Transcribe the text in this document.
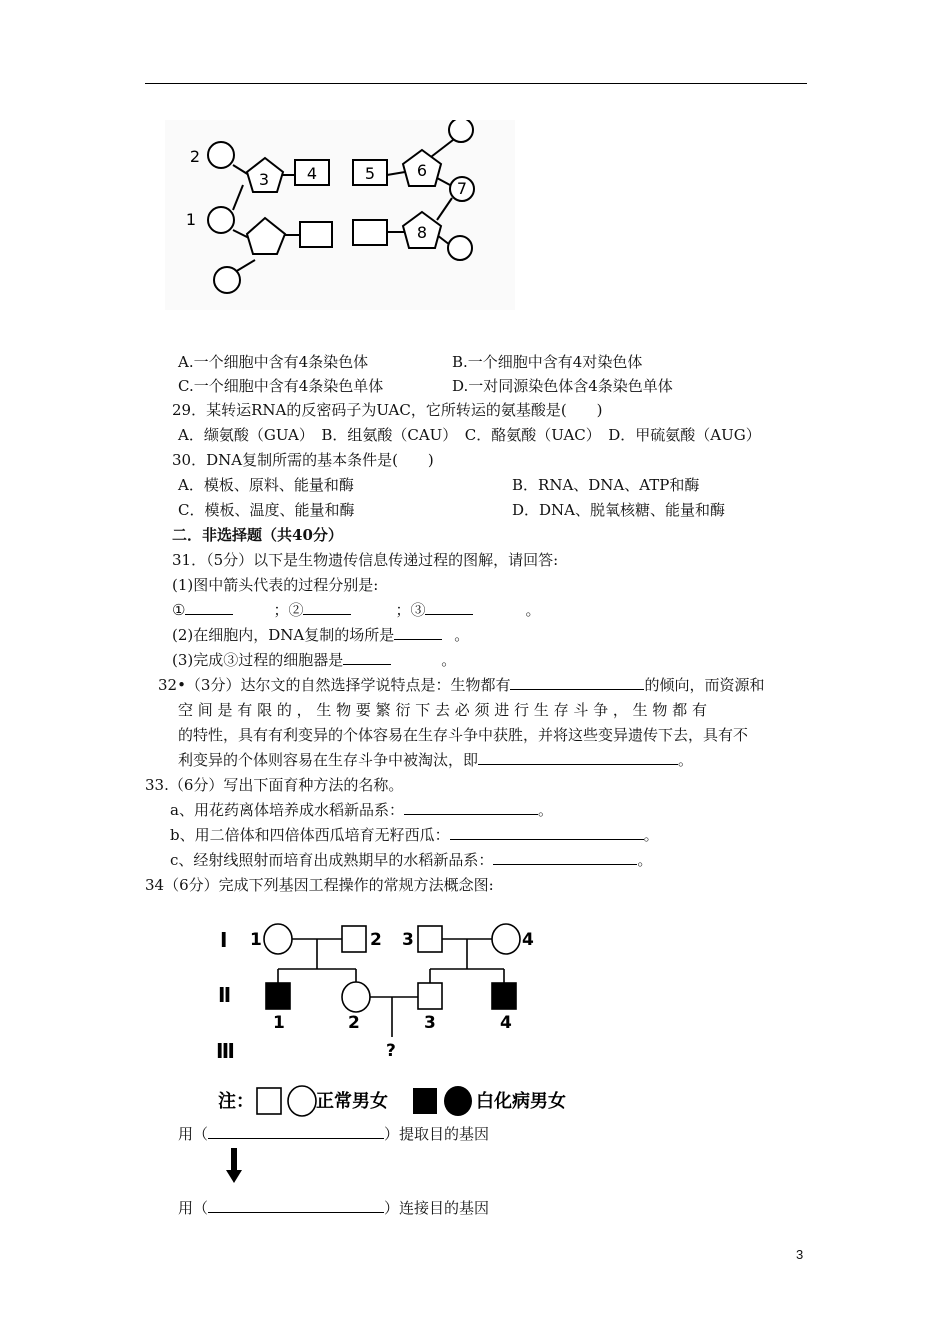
2
1
3 4	5	6
7
8
A.一个细胞中含有4条染色体	B.一个细胞中含有4对染色体
C.一个细胞中含有4条染色单体	D.一对同源染色体含4条染色单体
29．某转运RNA的反密码子为UAC，它所转运的氨基酸是(　　)
A．缬氨酸（GUA）　B．组氨酸（CAU）　C．酪氨酸（UAC）　D．甲硫氨酸（AUG）
30．DNA复制所需的基本条件是(　　)
A．模板、原料、能量和酶	B．RNA、DNA、ATP和酶
C．模板、温度、能量和酶	D．DNA、脱氧核糖、能量和酶
二．非选择题（共40分）
31．（5分）以下是生物遗传信息传递过程的图解，请回答:
(1)图中箭头代表的过程分别是:
①	；②	；③	。
(2)在细胞内，DNA复制的场所是	。
(3)完成③过程的细胞器是	。
32•（3分）达尔文的自然选择学说特点是：生物都有	的倾向，而资源和
空 间 是 有 限 的 ， 生 物 要 繁 衍 下 去 必 须 进 行 生 存 斗 争 ， 生 物 都 有
的特性，具有有利变异的个体容易在生存斗争中获胜，并将这些变异遗传下去，具有不
利变异的个体则容易在生存斗争中被淘汰，即	。
33.（6分）写出下面育种方法的名称。
a、用花药离体培养成水稻新品系：	。
b、用二倍体和四倍体西瓜培育无籽西瓜：	。
c、经射线照射而培育出成熟期早的水稻新品系：	。
34（6分）完成下列基因工程操作的常规方法概念图:
Ⅰ
Ⅱ
Ⅲ
1	2 3	4
1	2	3	4
?
注：	正常男女	白化病男女
用（	）提取目的基因
用（	）连接目的基因
3
